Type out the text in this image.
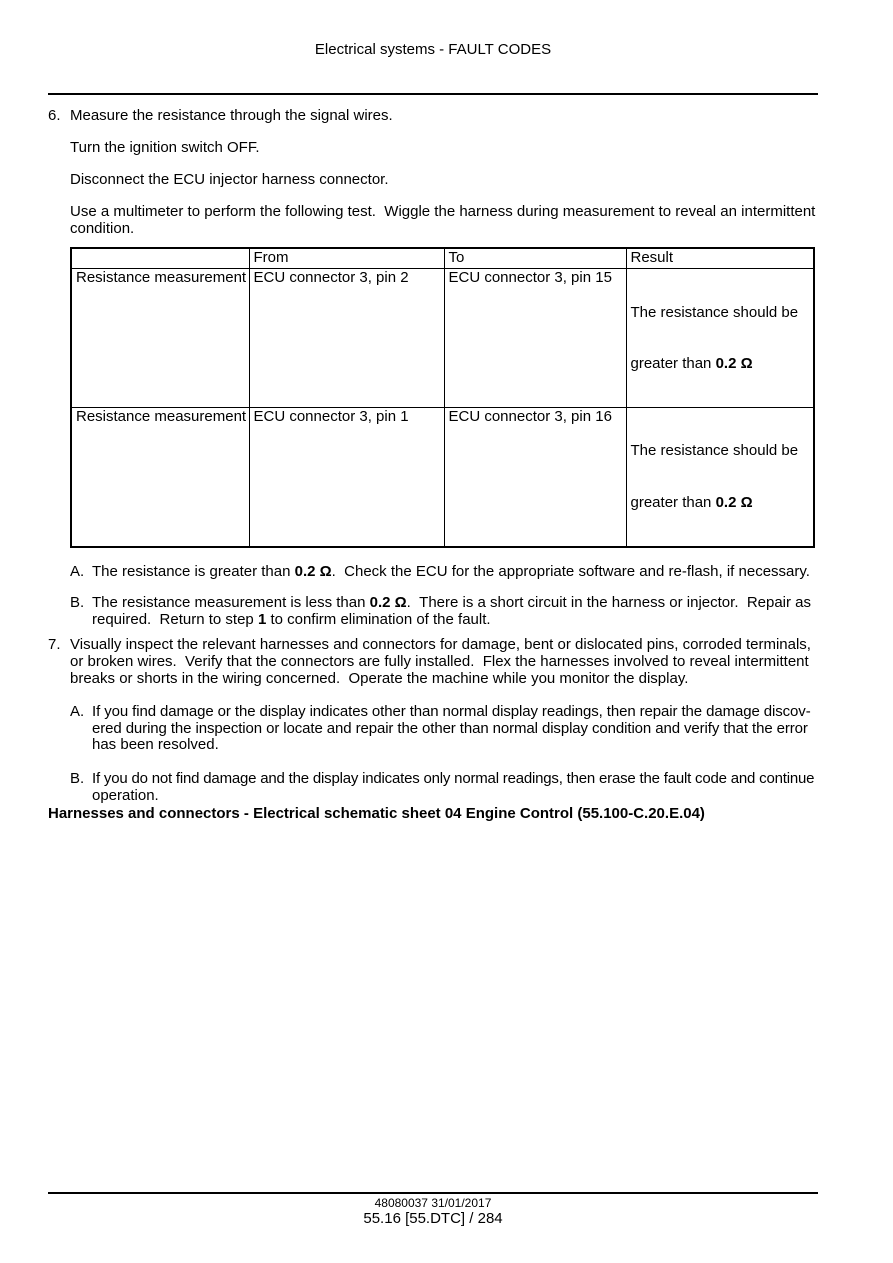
Electrical systems - FAULT CODES
6. Measure the resistance through the signal wires.

Turn the ignition switch OFF.

Disconnect the ECU injector harness connector.

Use a multimeter to perform the following test.  Wiggle the harness during measurement to reveal an intermittent
condition.

	From	To	Result
Resistance measurement	ECU connector 3, pin 2	ECU connector 3, pin 15	The resistance should be

greater than 0.2 Ω

Resistance measurement	ECU connector 3, pin 1	ECU connector 3, pin 16	The resistance should be

greater than 0.2 Ω

A. The resistance is greater than 0.2 Ω.  Check the ECU for the appropriate software and re-flash, if necessary.
B. The resistance measurement is less than 0.2 Ω.  There is a short circuit in the harness or injector.  Repair as
required.  Return to step 1 to confirm elimination of the fault.
7. Visually inspect the relevant harnesses and connectors for damage, bent or dislocated pins, corroded terminals,
or broken wires.  Verify that the connectors are fully installed.  Flex the harnesses involved to reveal intermittent
breaks or shorts in the wiring concerned.  Operate the machine while you monitor the display.
A. If you find damage or the display indicates other than normal display readings, then repair the damage discov-
ered during the inspection or locate and repair the other than normal display condition and verify that the error
has been resolved.
B. If you do not find damage and the display indicates only normal readings, then erase the fault code and continue
operation.
Harnesses and connectors - Electrical schematic sheet 04 Engine Control (55.100-C.20.E.04)
48080037 31/01/2017
55.16 [55.DTC] / 284
